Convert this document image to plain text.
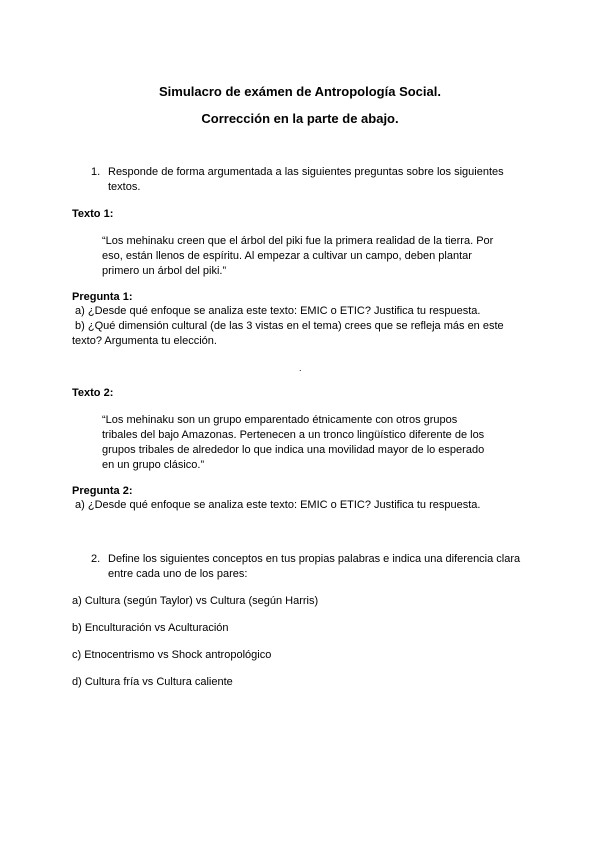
Simulacro de exámen de Antropología Social.
Corrección en la parte de abajo.
1. Responde de forma argumentada a las siguientes preguntas sobre los siguientes
textos.
Texto 1:
“Los mehinaku creen que el árbol del piki fue la primera realidad de la tierra. Por
eso, están llenos de espíritu. Al empezar a cultivar un campo, deben plantar
primero un árbol del piki.”
Pregunta 1:
a) ¿Desde qué enfoque se analiza este texto: EMIC o ETIC? Justifica tu respuesta.
b) ¿Qué dimensión cultural (de las 3 vistas en el tema) crees que se refleja más en este
texto? Argumenta tu elección.
.
Texto 2:
“Los mehinaku son un grupo emparentado étnicamente con otros grupos
tribales del bajo Amazonas. Pertenecen a un tronco lingüístico diferente de los
grupos tribales de alrededor lo que indica una movilidad mayor de lo esperado
en un grupo clásico.”
Pregunta 2:
a) ¿Desde qué enfoque se analiza este texto: EMIC o ETIC? Justifica tu respuesta.
2. Define los siguientes conceptos en tus propias palabras e indica una diferencia clara
entre cada uno de los pares:
a) Cultura (según Taylor) vs Cultura (según Harris)
b) Enculturación vs Aculturación
c) Etnocentrismo vs Shock antropológico
d) Cultura fría vs Cultura caliente
